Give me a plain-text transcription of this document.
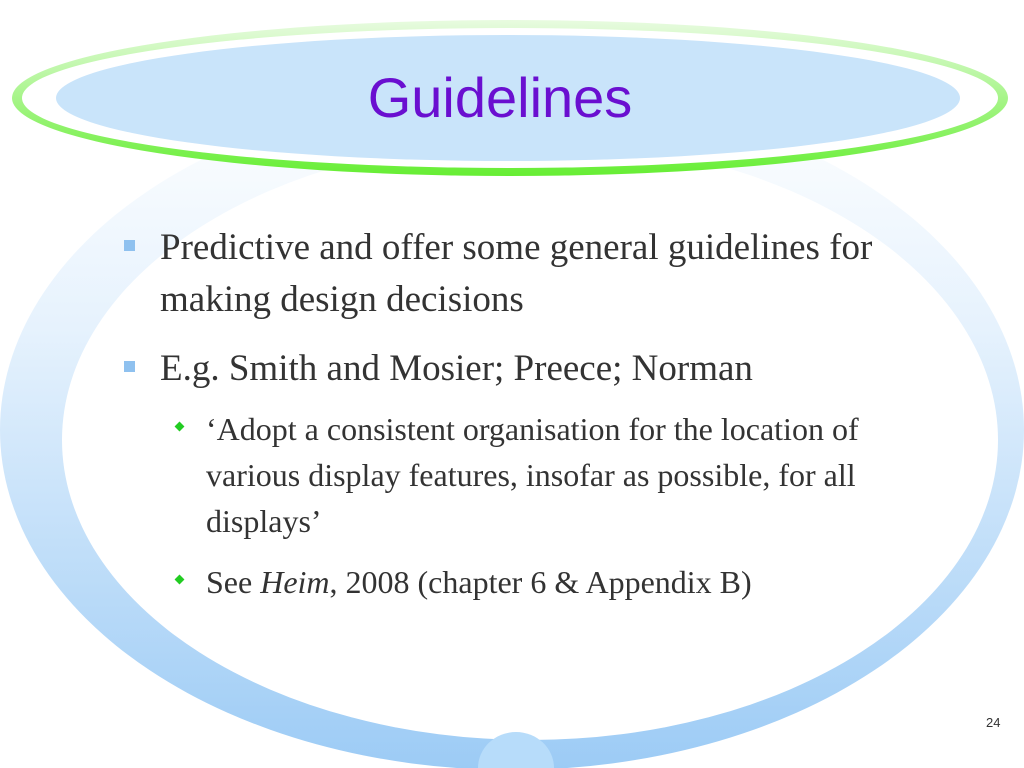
Guidelines
Predictive and offer some general guidelines for making design decisions
E.g. Smith and Mosier; Preece; Norman
‘Adopt a consistent organisation for the location of various display features, insofar as possible, for all displays’
See Heim, 2008 (chapter 6 & Appendix B)
24
